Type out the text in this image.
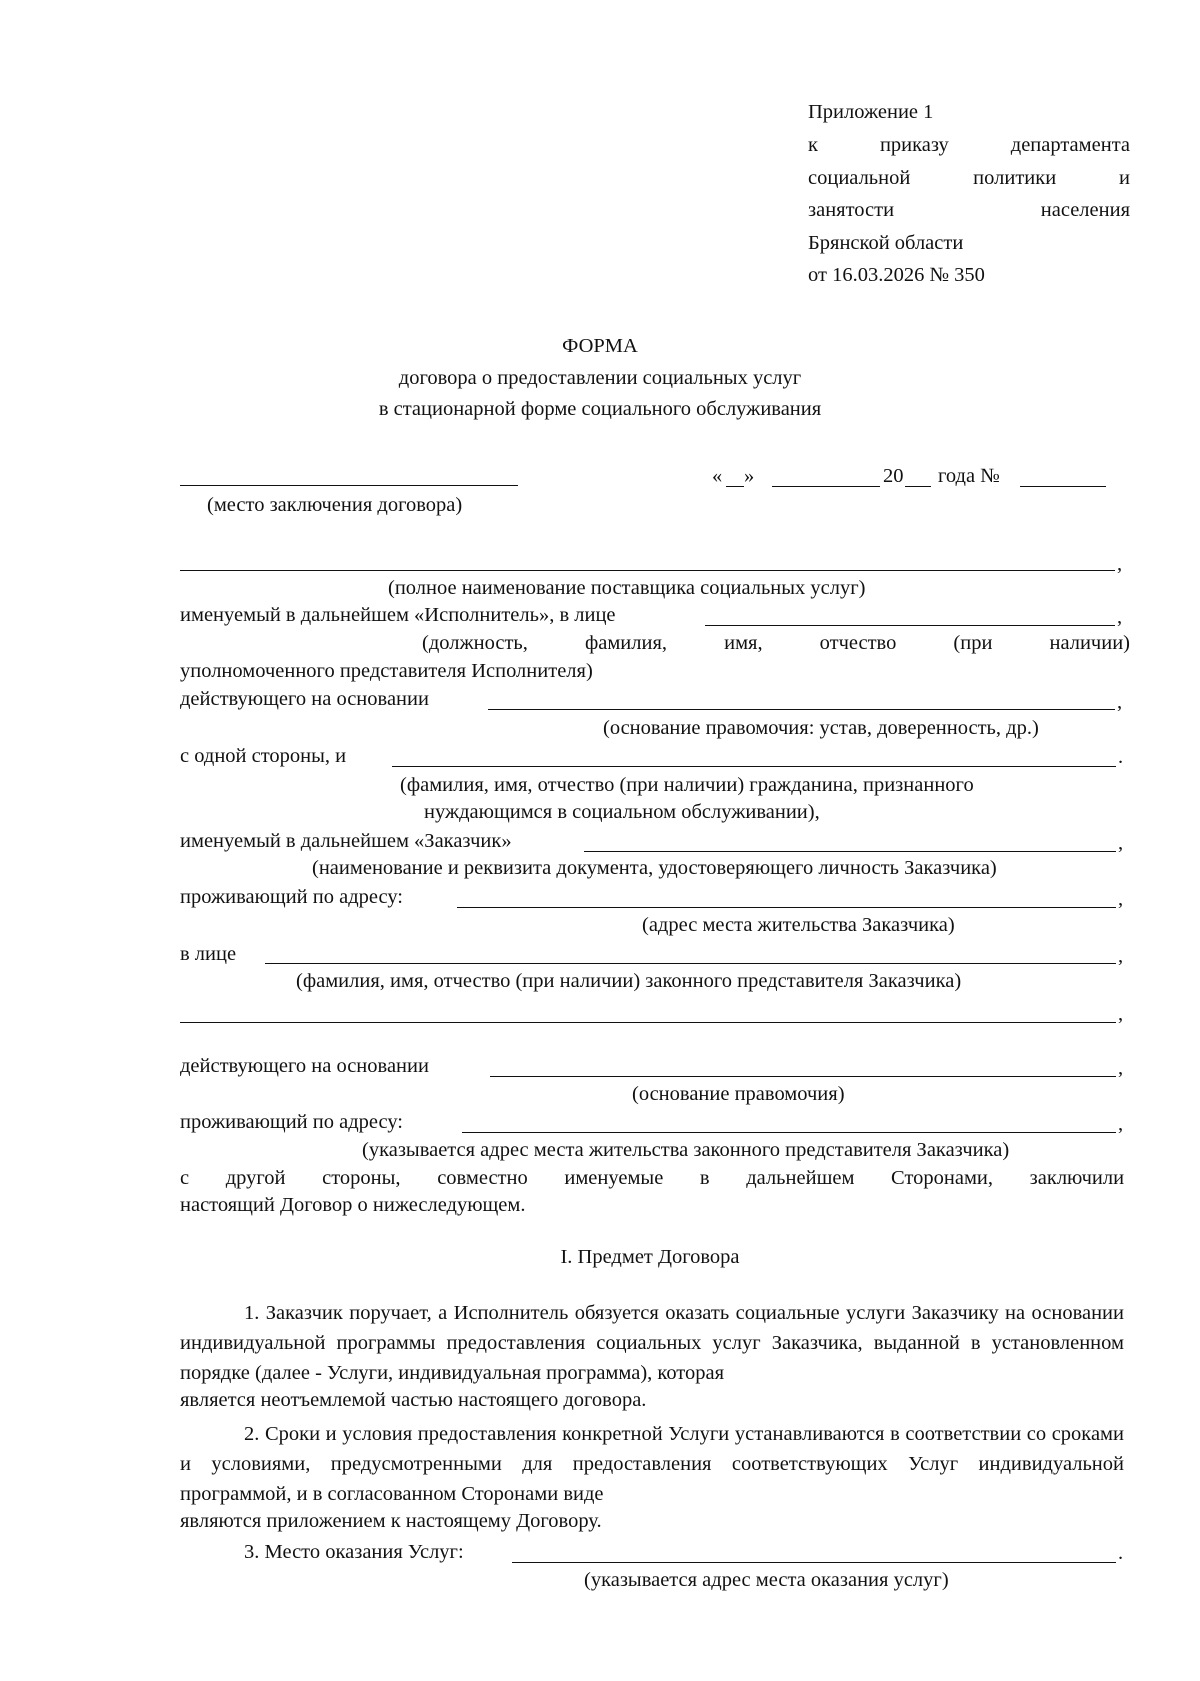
Приложение 1
к	приказу	департамента
социальной	политики	и
занятости	населения
Брянской области
от 16.03.2026 № 350
ФОРМА
договора о предоставлении социальных услуг
в стационарной форме социального обслуживания
(место заключения договора)
« »	20 года №
,
(полное наименование поставщика социальных услуг)
именуемый в дальнейшем «Исполнитель», в лице	,
(должность,	фамилия,	имя,	отчество	(при	наличии)
уполномоченного представителя Исполнителя)
действующего на основании	,
(основание правомочия: устав, доверенность, др.)
с одной стороны, и	.
(фамилия, имя, отчество (при наличии) гражданина, признанного
нуждающимся в социальном обслуживании),
именуемый в дальнейшем «Заказчик»	,
(наименование и реквизита документа, удостоверяющего личность Заказчика)
проживающий по адресу:	,
(адрес места жительства Заказчика)
в лице	,
(фамилия, имя, отчество (при наличии) законного представителя Заказчика)
,
действующего на основании	,
(основание правомочия)
проживающий по адресу:	,
(указывается адрес места жительства законного представителя Заказчика)
с другой стороны, совместно именуемые в дальнейшем Сторонами, заключили
настоящий Договор о нижеследующем.
I. Предмет Договора
1. Заказчик поручает, а Исполнитель обязуется оказать социальные услуги Заказчику на основании индивидуальной программы предоставления социальных услуг Заказчика, выданной в установленном порядке (далее - Услуги, индивидуальная программа), которая
является неотъемлемой частью настоящего договора.
2. Сроки и условия предоставления конкретной Услуги устанавливаются в соответствии со сроками и условиями, предусмотренными для предоставления соответствующих Услуг индивидуальной программой, и в согласованном Сторонами виде
являются приложением к настоящему Договору.
3. Место оказания Услуг:	.
(указывается адрес места оказания услуг)
